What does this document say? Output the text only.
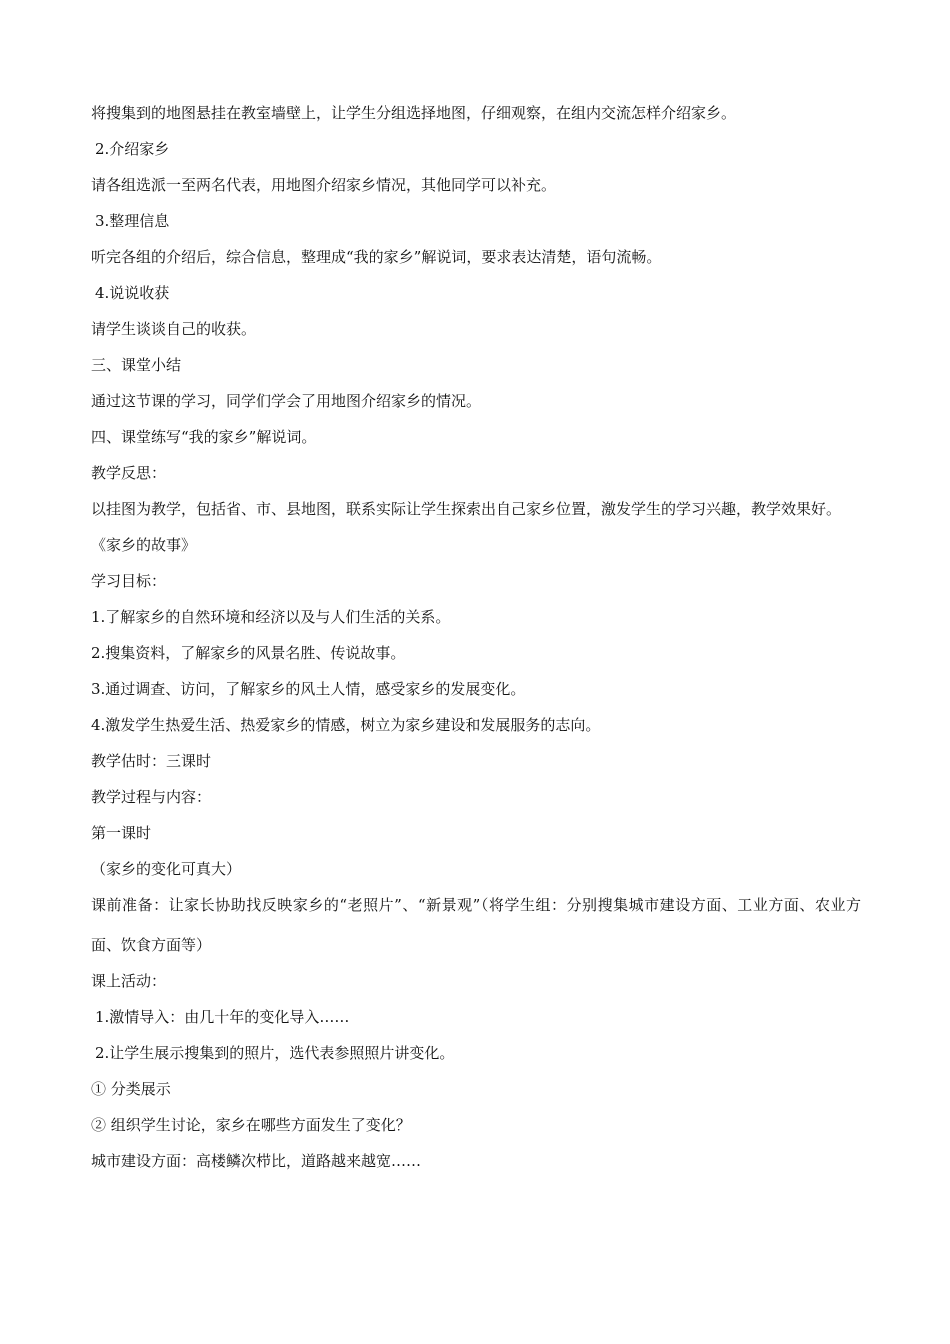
将搜集到的地图悬挂在教室墙壁上，让学生分组选择地图，仔细观察，在组内交流怎样介绍家乡。
2.介绍家乡
请各组选派一至两名代表，用地图介绍家乡情况，其他同学可以补充。
3.整理信息
听完各组的介绍后，综合信息，整理成“我的家乡”解说词，要求表达清楚，语句流畅。
4.说说收获
请学生谈谈自己的收获。
三、课堂小结
通过这节课的学习，同学们学会了用地图介绍家乡的情况。
四、课堂练写“我的家乡”解说词。
教学反思：
以挂图为教学，包括省、市、县地图，联系实际让学生探索出自己家乡位置，激发学生的学习兴趣，教学效果好。
《家乡的故事》
学习目标：
1.了解家乡的自然环境和经济以及与人们生活的关系。
2.搜集资料，了解家乡的风景名胜、传说故事。
3.通过调查、访问，了解家乡的风土人情，感受家乡的发展变化。
4.激发学生热爱生活、热爱家乡的情感，树立为家乡建设和发展服务的志向。
教学估时：三课时
教学过程与内容：
第一课时
（家乡的变化可真大）
课前准备：让家长协助找反映家乡的“老照片”、“新景观”（将学生组：分别搜集城市建设方面、工业方面、农业方面、饮食方面等）
课上活动：
1.激情导入：由几十年的变化导入……
2.让学生展示搜集到的照片，选代表参照照片讲变化。
① 分类展示
② 组织学生讨论，家乡在哪些方面发生了变化？
城市建设方面：高楼鳞次栉比，道路越来越宽……
